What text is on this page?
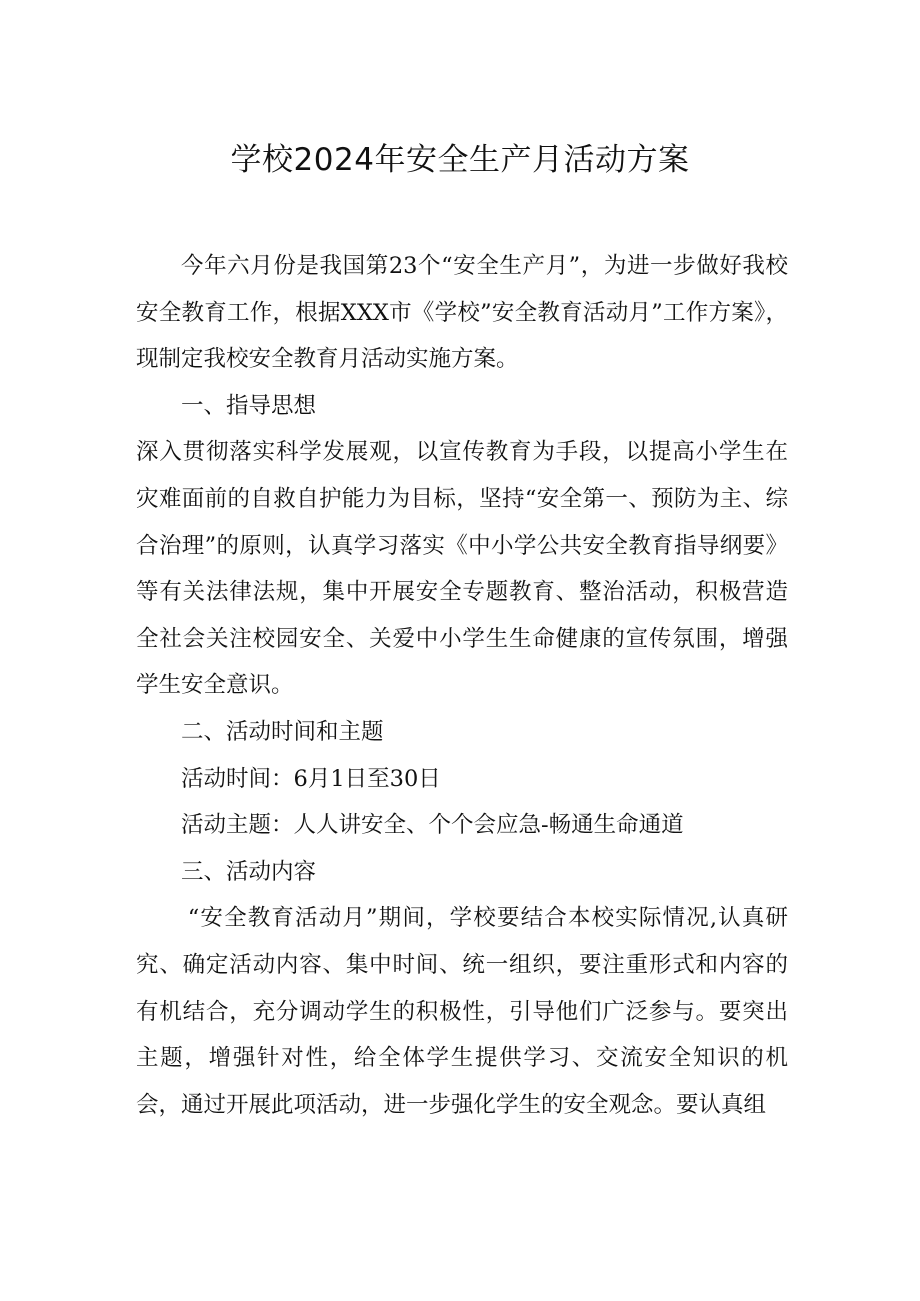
学校2024年安全生产月活动方案

今年六月份是我国第23个“安全生产月”，为进一步做好我校安全教育工作，根据XXX市《学校”安全教育活动月”工作方案》，现制定我校安全教育月活动实施方案。

一、指导思想

深入贯彻落实科学发展观，以宣传教育为手段，以提高小学生在灾难面前的自救自护能力为目标，坚持“安全第一、预防为主、综合治理”的原则，认真学习落实《中小学公共安全教育指导纲要》等有关法律法规，集中开展安全专题教育、整治活动，积极营造全社会关注校园安全、关爱中小学生生命健康的宣传氛围，增强学生安全意识。

二、活动时间和主题

活动时间：6月1日至30日

活动主题：人人讲安全、个个会应急-畅通生命通道

三、活动内容

“安全教育活动月”期间，学校要结合本校实际情况,认真研究、确定活动内容、集中时间、统一组织，要注重形式和内容的有机结合，充分调动学生的积极性，引导他们广泛参与。要突出主题，增强针对性，给全体学生提供学习、交流安全知识的机会，通过开展此项活动，进一步强化学生的安全观念。要认真组
